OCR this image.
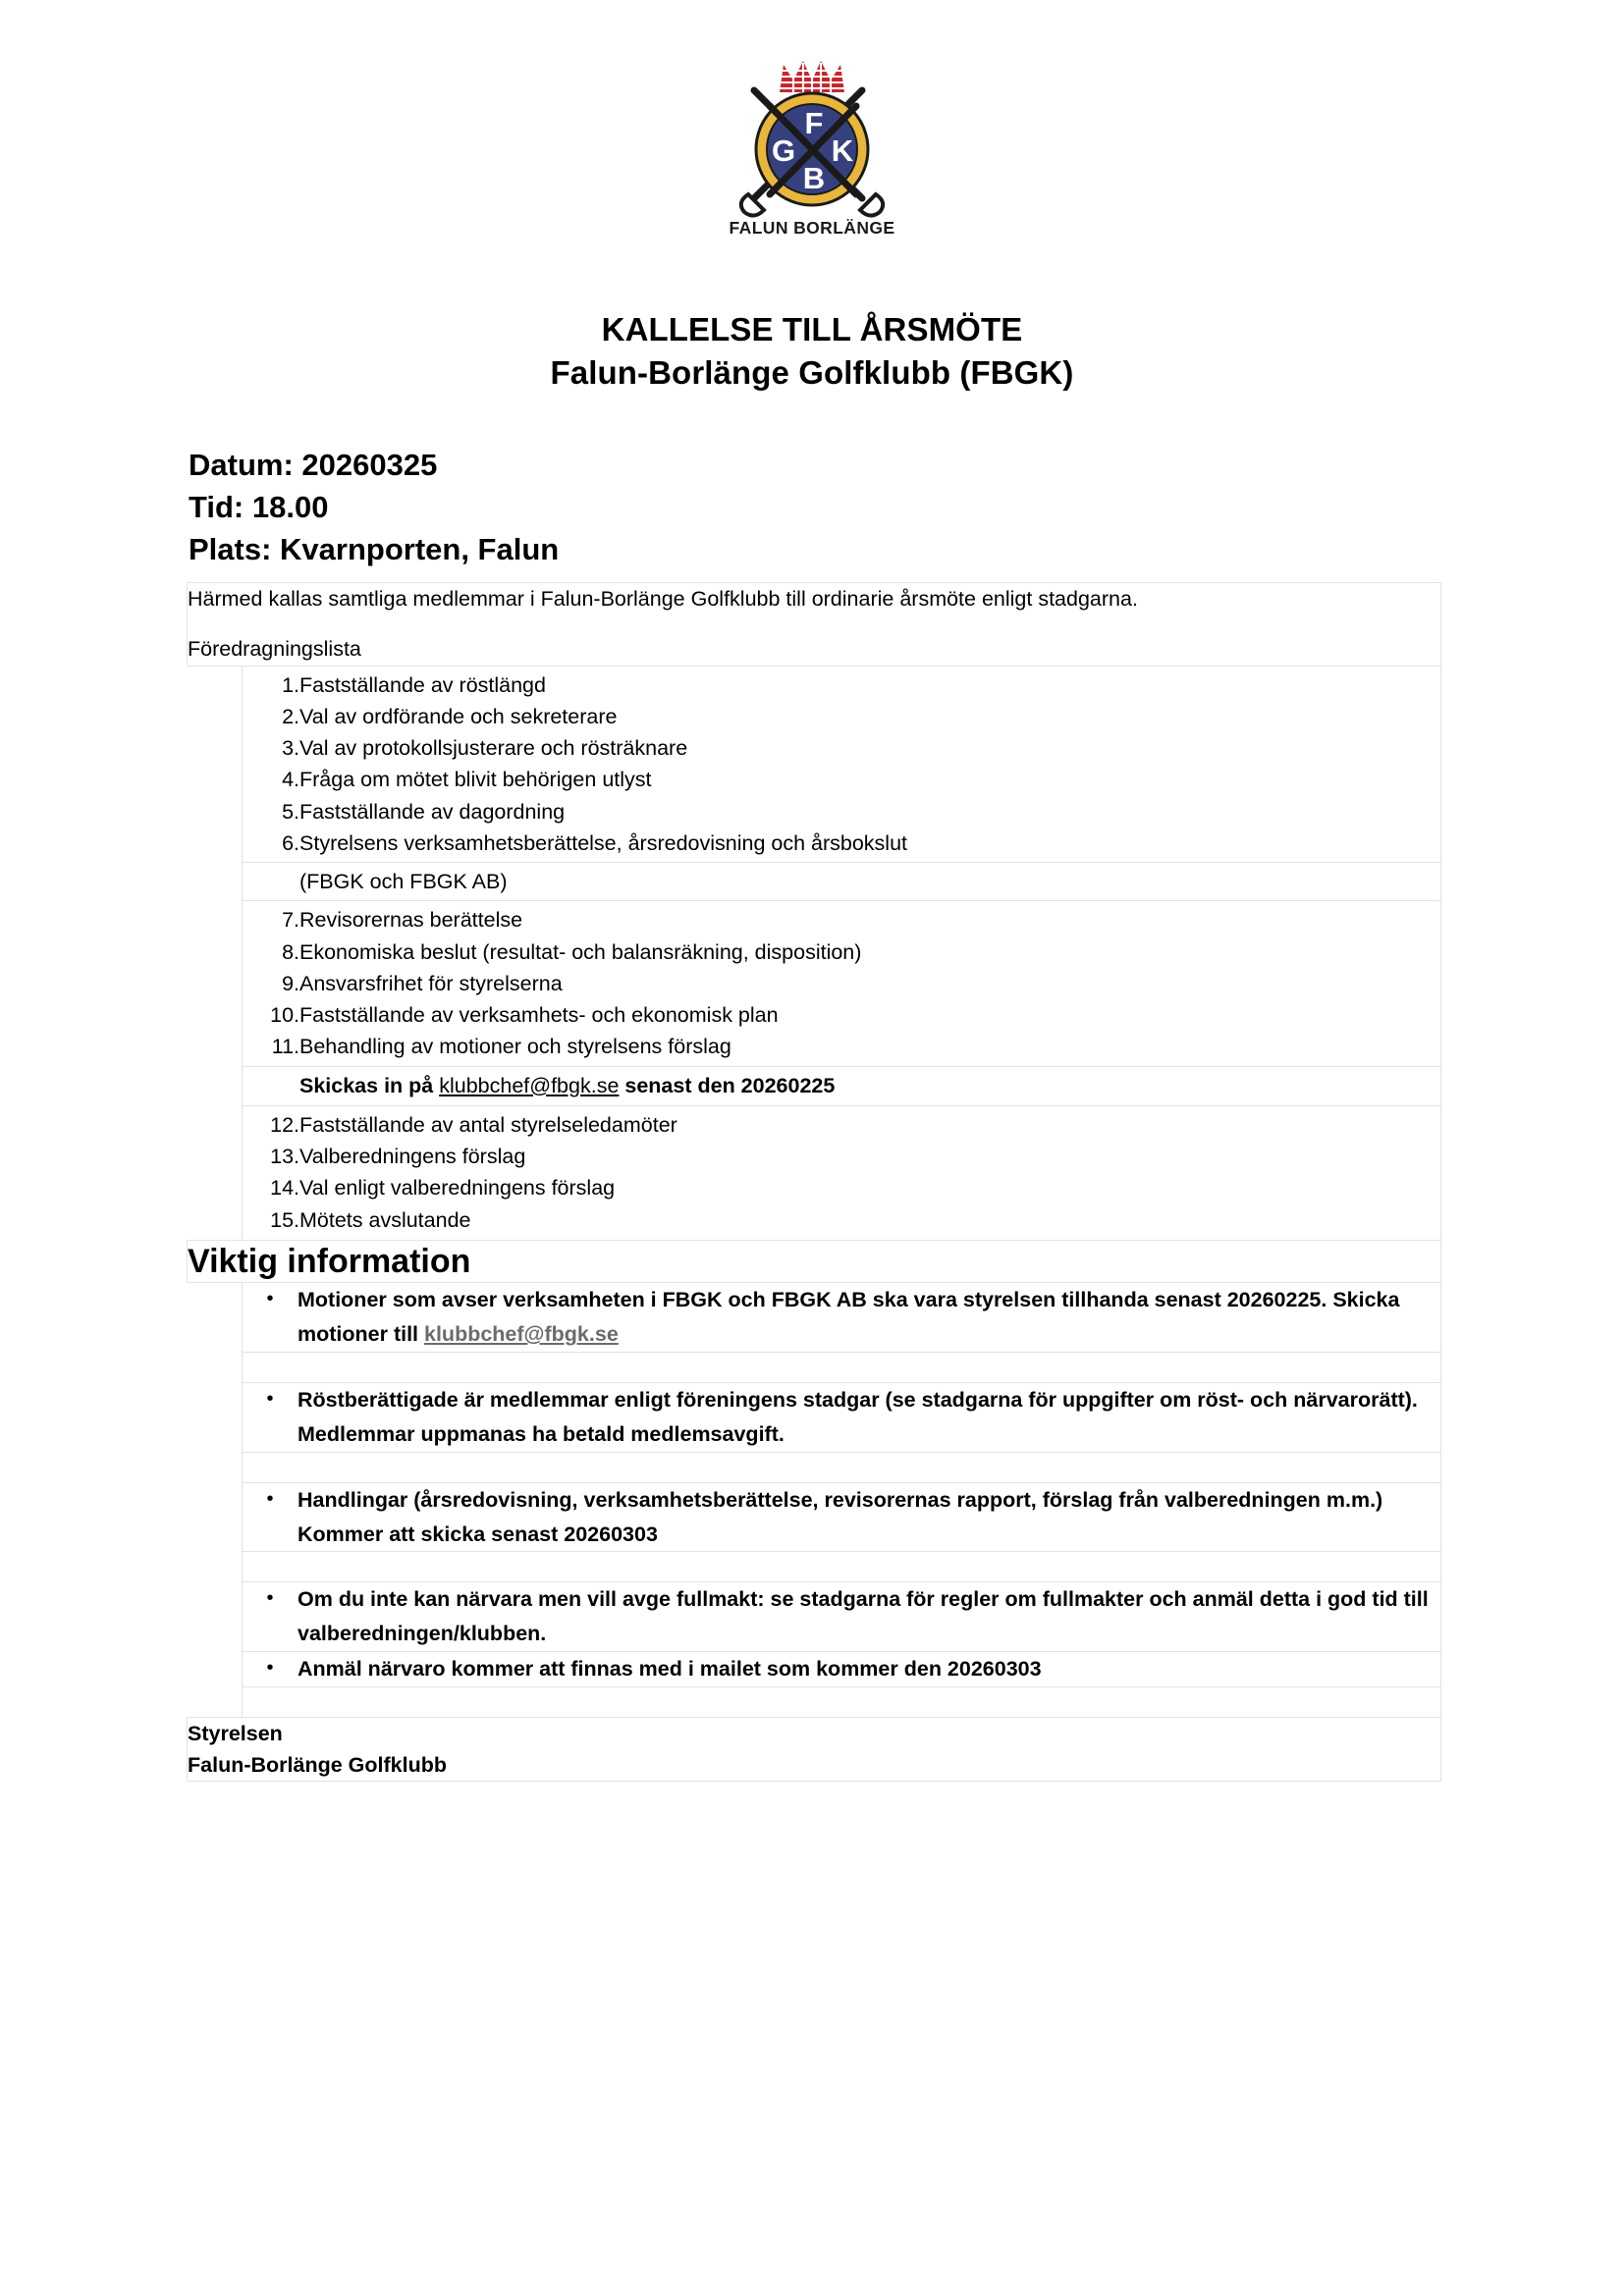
G
F
K
B
FALUN BORLÄNGE
KALLELSE TILL ÅRSMÖTE
Falun-Borlänge Golfklubb (FBGK)
Datum: 20260325
Tid: 18.00
Plats: Kvarnporten, Falun
Härmed kallas samtliga medlemmar i Falun-Borlänge Golfklubb till ordinarie årsmöte enligt stadgarna.
Föredragningslista

1.	Fastställande av röstlängd
2.	Val av ordförande och sekreterare
3.	Val av protokollsjusterare och rösträknare
4.	Fråga om mötet blivit behörigen utlyst
5.	Fastställande av dagordning
6.	Styrelsens verksamhetsberättelse, årsredovisning och årsbokslut

	(FBGK och FBGK AB)

7.	Revisorernas berättelse
8.	Ekonomiska beslut (resultat- och balansräkning, disposition)
9.	Ansvarsfrihet för styrelserna
10.	Fastställande av verksamhets- och ekonomisk plan
11.	Behandling av motioner och styrelsens förslag

	Skickas in på klubbchef@fbgk.se senast den 20260225

12.	Fastställande av antal styrelseledamöter
13.	Valberedningens förslag
14.	Val enligt valberedningens förslag
15.	Mötets avslutande

Viktig information

•	Motioner som avser verksamheten i FBGK och FBGK AB ska vara styrelsen tillhanda senast 20260225. Skicka motioner till klubbchef@fbgk.se

•	Röstberättigade är medlemmar enligt föreningens stadgar (se stadgarna för uppgifter om röst- och närvarorätt). Medlemmar uppmanas ha betald medlemsavgift.

•	Handlingar (årsredovisning, verksamhetsberättelse, revisorernas rapport, förslag från valberedningen m.m.) Kommer att skicka senast 20260303

•	Om du inte kan närvara men vill avge fullmakt: se stadgarna för regler om fullmakter och anmäl detta i god tid till valberedningen/klubben.

•	Anmäl närvaro kommer att finnas med i mailet som kommer den 20260303

Styrelsen
Falun-Borlänge Golfklubb
